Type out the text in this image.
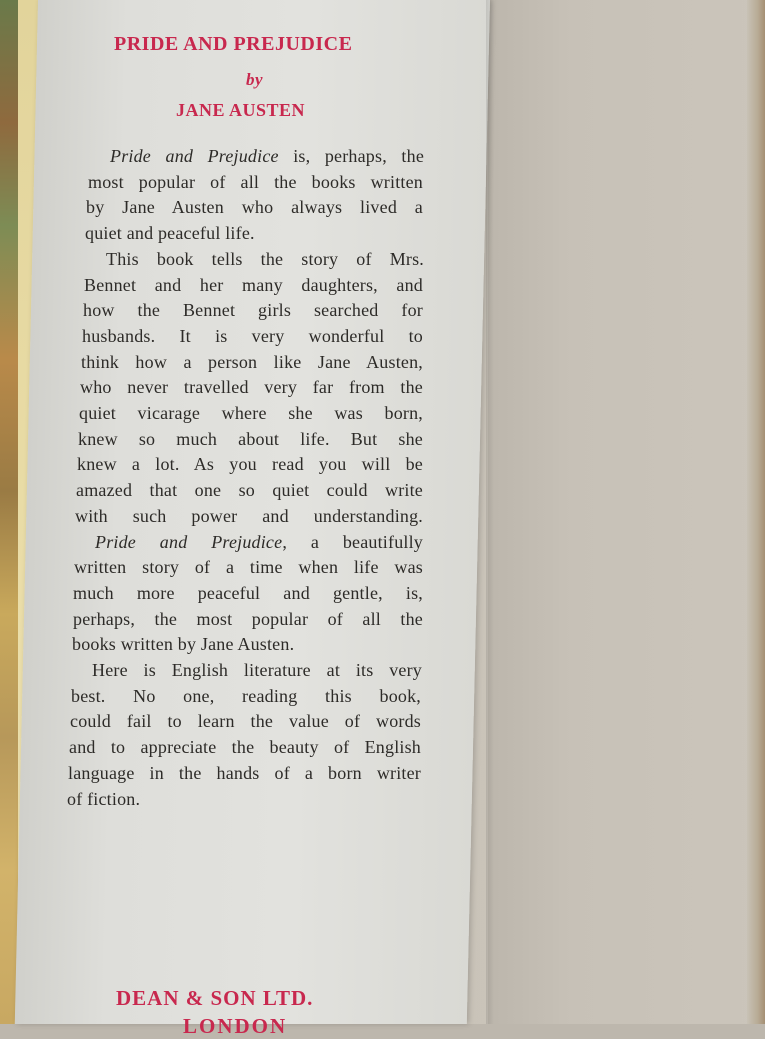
PRIDE AND PREJUDICE
by
JANE AUSTEN
Pride and Prejudice is, perhaps, the
most popular of all the books written
by Jane Austen who always lived a
quiet and peaceful life.
This book tells the story of Mrs.
Bennet and her many daughters, and
how the Bennet girls searched for
husbands. It is very wonderful to
think how a person like Jane Austen,
who never travelled very far from the
quiet vicarage where she was born,
knew so much about life. But she
knew a lot. As you read you will be
amazed that one so quiet could write
with such power and understanding.
Pride and Prejudice, a beautifully
written story of a time when life was
much more peaceful and gentle, is,
perhaps, the most popular of all the
books written by Jane Austen.
Here is English literature at its very
best. No one, reading this book,
could fail to learn the value of words
and to appreciate the beauty of English
language in the hands of a born writer
of fiction.
DEAN & SON LTD.
LONDON
